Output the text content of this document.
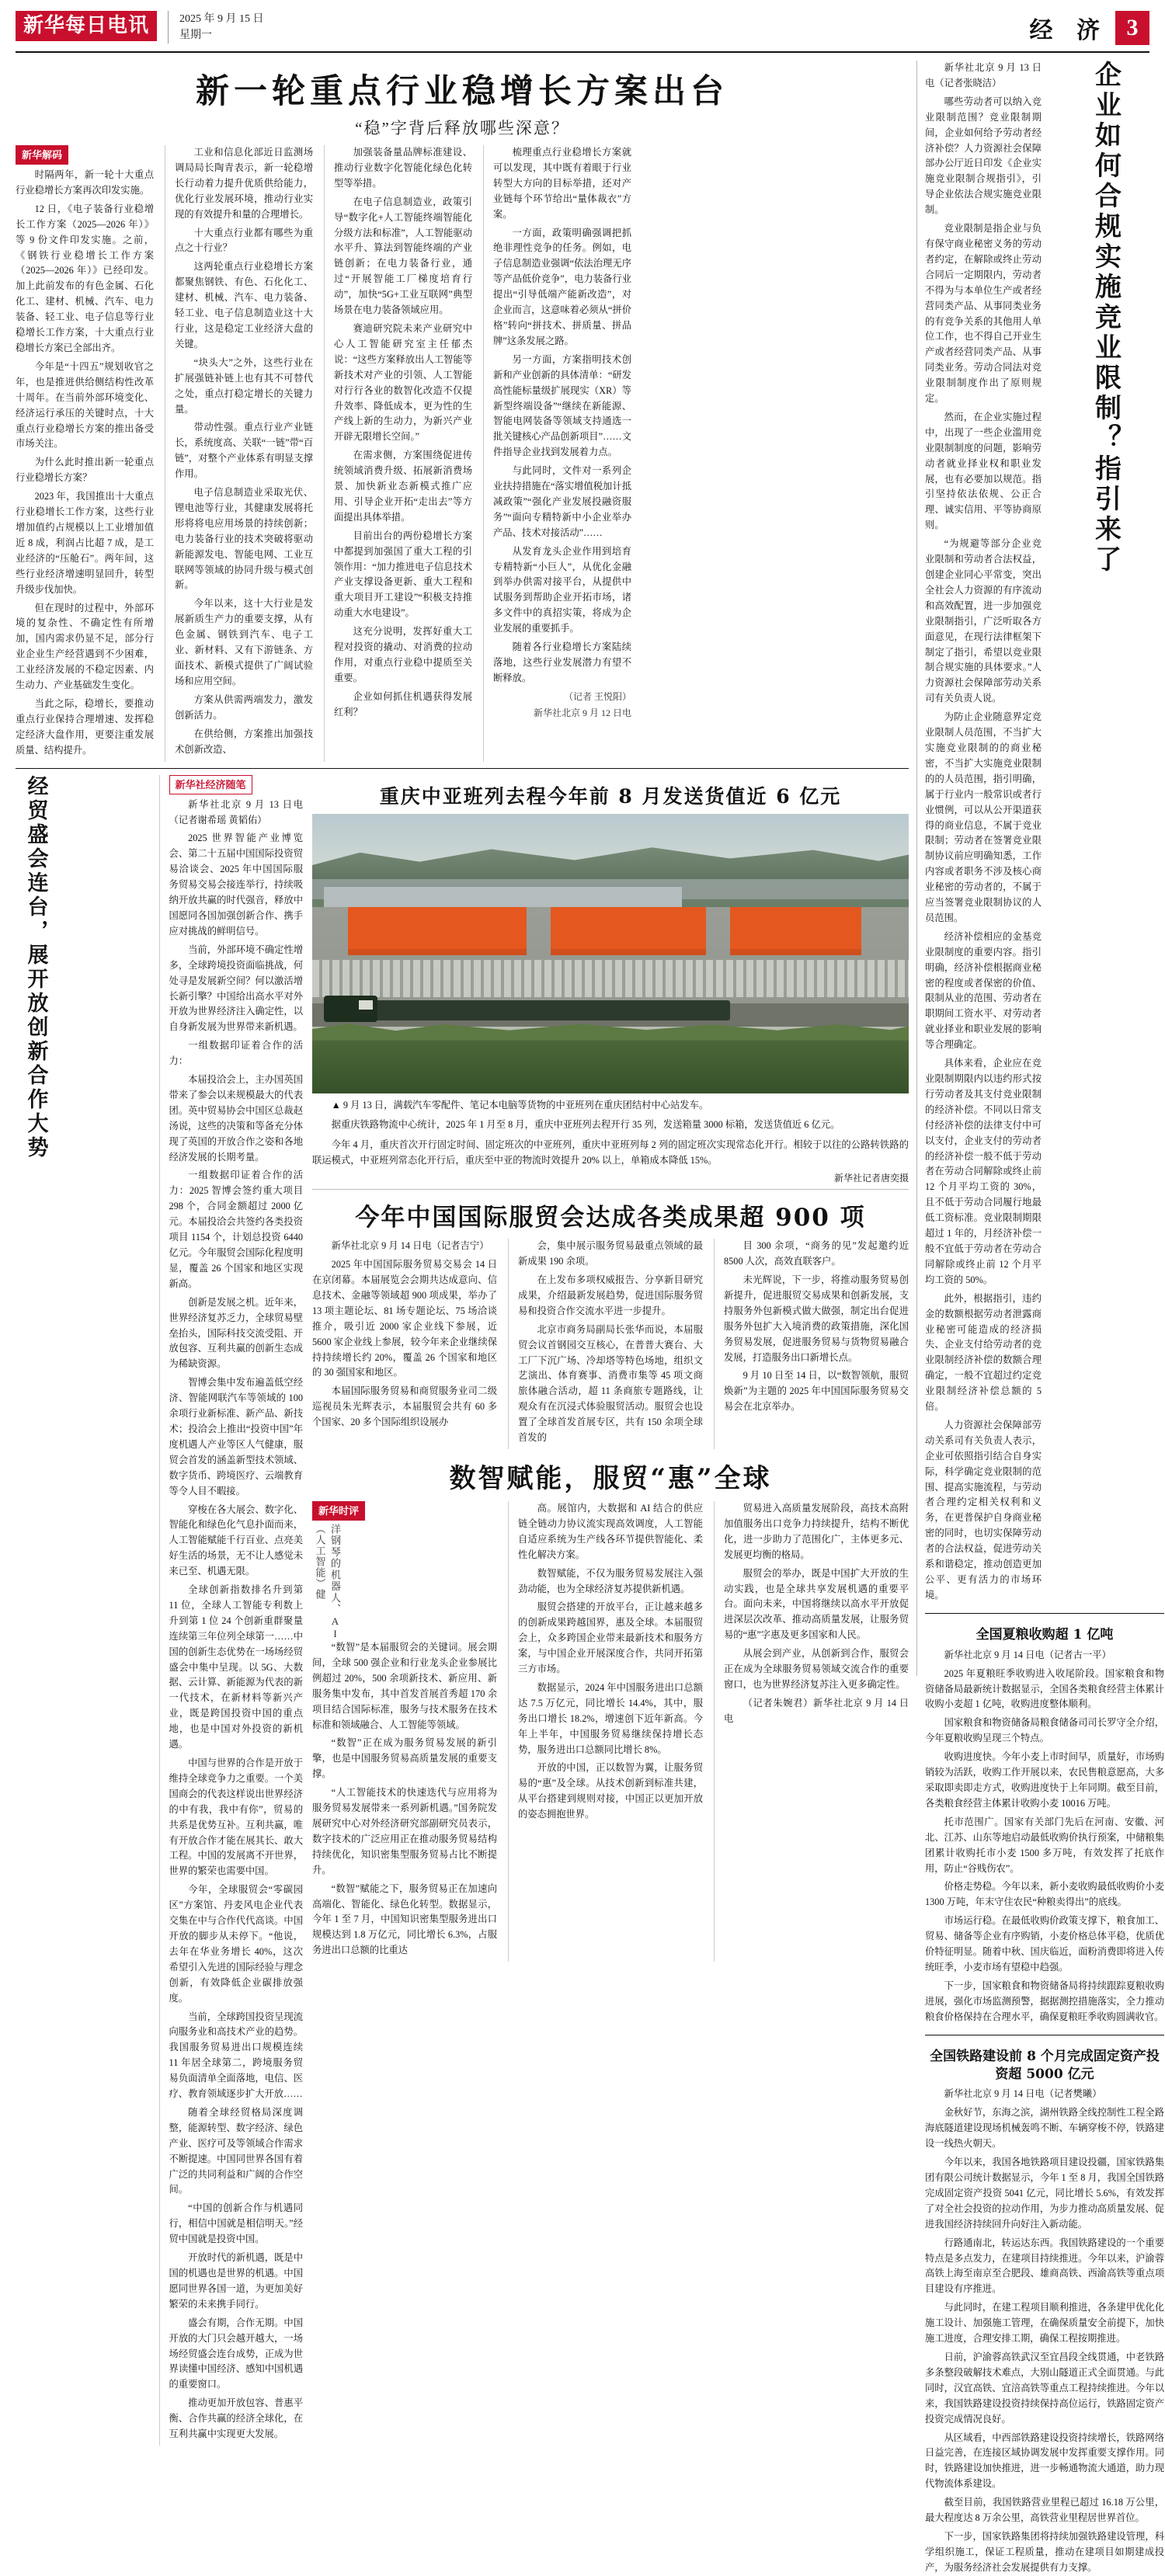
新华每日电讯	2025 年 9 月 15 日
星期一	经 济 3
新一轮重点行业稳增长方案出台
“稳”字背后释放哪些深意？
新华解码

时隔两年，新一轮十大重点行业稳增长方案再次印发实施。

12 日，《电子装备行业稳增长工作方案（2025—2026 年）》等 9 份文件印发实施。之前，《钢铁行业稳增长工作方案（2025—2026 年）》已经印发。加上此前发布的有色金属、石化化工、建材、机械、汽车、电力装备、轻工业、电子信息等行业稳增长工作方案，十大重点行业稳增长方案已全部出齐。

今年是“十四五”规划收官之年，也是推进供给侧结构性改革十周年。在当前外部环境变化、经济运行承压的关键时点，十大重点行业稳增长方案的推出备受市场关注。

为什么此时推出新一轮重点行业稳增长方案？

2023 年，我国推出十大重点行业稳增长工作方案，这些行业增加值约占规模以上工业增加值近 8 成，利润占比超 7 成，是工业经济的“压舱石”。两年间，这些行业经济增速明显回升，转型升级步伐加快。

但在现时的过程中，外部环境的复杂性、不确定性有所增加，国内需求仍显不足，部分行业企业生产经营遇到不少困难，工业经济发展的不稳定因素、内生动力、产业基础发生变化。

当此之际，稳增长，要推动重点行业保持合理增速、发挥稳定经济大盘作用，更要注重发展质量、结构提升。

工业和信息化部近日监测场调局局长陶青表示，新一轮稳增长行动着力提升优质供给能力，优化行业发展环境，推动行业实现的有效提升和量的合理增长。

十大重点行业都有哪些为重点之十行业？

这两轮重点行业稳增长方案都聚焦钢铁、有色、石化化工、建材、机械、汽车、电力装备、轻工业、电子信息制造业这十大行业，这是稳定工业经济大盘的关键。

“块头大”之外，这些行业在扩展强链补链上也有其不可替代之处，重点打稳定增长的关键力量。

带动性强。重点行业产业链长，系统度高、关联“一链”带“百链”，对整个产业体系有明显支撑作用。

电子信息制造业采取光伏、锂电池等行业，其健康发展将托形将将电应用场景的持续创新；电力装备行业的技术突破将驱动新能源发电、智能电网、工业互联网等领域的协同升级与模式创新。

今年以来，这十大行业是发展新质生产力的重要支撑，从有色金属、钢铁到汽车、电子工业、新材料、又有下游链条、方面技术、新模式提供了广阔试验场和应用空间。

方案从供需两端发力，激发创新活力。

在供给侧，方案推出加强技术创新改造、

加强装备量品牌标准建设、推动行业数字化智能化绿色化转型等举措。

在电子信息制造业，政策引导“数字化+人工智能终端智能化分级方法和标准”，人工智能驱动水平升、算法到智能终端的产业链创新；在电力装备行业，通过“开展智能工厂梯度培育行动”，加快“5G+工业互联网”典型场景在电力装备领域应用。

赛迪研究院未来产业研究中心人工智能研究室主任郁杰说：“这些方案释放出人工智能等新技术对产业的引领、人工智能对行行各业的数智化改造不仅提升效率、降低成本，更为性的生产线上新的生动力，为新兴产业开辟无限增长空间。”

在需求侧，方案围绕促进传统领域消费升级、拓展新消费场景、加快新业态新模式推广应用、引导企业开拓“走出去”等方面提出具体举措。

目前出台的两份稳增长方案中都提到加强国了重大工程的引领作用：“加力推进电子信息技术产业支撑设备更新、重大工程和重大项目开工建设”“积极支持推动重大水电建设”。

这充分说明，发挥好重大工程对投资的撬动、对消费的拉动作用，对重点行业稳中提质至关重要。

企业如何抓住机遇获得发展红利？

梳理重点行业稳增长方案就可以发现，其中既有着眼于行业转型大方向的目标举措，还对产业链每个环节给出“量体裁衣”方案。

一方面，政策明确强调把抓绝非理性竞争的任务。例如，电子信息制造业强调“依法治理无序等产品低价竞争”，电力装备行业提出“引导低端产能新改造”，对企业而言，这意味着必须从“拼价格”转向“拼技术、拼质量、拼品牌”这条发展之路。

另一方面，方案指明技术创新和产业创新的具体清单：“研发高性能标量级扩展现实（XR）等新型终端设备”“继续在新能源、智能电网装备等领域支持通选一批关键核心产品创新项目”……文件指导企业找到发展着力点。

与此同时，文件对一系列企业扶持措施在“落实增值税加计抵减政策”“强化产业发展投融资服务”“面向专精特新中小企业举办产品、技术对接活动”……

从发育龙头企业作用到培育专精特新“小巨人”，从优化金融到举办供需对接平台，从提供中试服务到帮助企业开拓市场，诸多文件中的真招实策，将成为企业发展的重要抓手。

随着各行业稳增长方案陆续落地，这些行业发展潜力有望不断释放。

（记者 王悦阳）
新华社北京 9 月 12 日电
经贸盛会连台，展开放创新合作大势	新华社经济随笔

新华社北京 9 月 13 日电（记者谢希瑶 黄韬佑）

2025 世界智能产业博览会、第二十五届中国国际投资贸易洽谈会、2025 年中国国际服务贸易交易会接连举行，持续吸纳开放共赢的时代强音，释放中国愿同各国加强创新合作、携手应对挑战的鲜明信号。

当前，外部环境不确定性增多，全球跨境投资面临挑战，何处寻是发展新空间？何以激活增长新引擎？中国给出高水平对外开放为世界经济注入确定性，以自身新发展为世界带来新机遇。

一组数据印证着合作的活力：

本届投洽会上，主办国英国带来了参会以来规模最大的代表团。英中贸易协会中国区总裁赵汤说，这些的决策和等备充分体现了英国的开放合作之姿和各地经济发展的长期考量。

一组数据印证着合作的活力：2025 智博会签约重大项目 298 个，合同金额超过 2000 亿元。本届投洽会共签约各类投资项目 1154 个，计划总投资 6440 亿元。今年服贸会国际化程度明显，覆盖 26 个国家和地区实现新高。

创新是发展之机。近年来，世界经济复苏乏力，全球贸易壁垒抬头，国际科技交流受阻、开放包容、互利共赢的创新生态成为稀缺资源。

智博会集中发布遍盖低空经济、智能网联汽车等领域的 100 余项行业新标准、新产品、新技术；投洽会上推出“投资中国”年度机遇人产业等区人气健康，服贸会首发的涵盖新型技术领域、数字货币、跨境医疗、云端教育等令人目不暇接。

穿梭在各大展会、数字化、智能化和绿色化气息扑面而来，人工智能赋能千行百业、点亮美好生活的场景，无不让人感觉未来已至、机遇无限。

全球创新指数排名升到第 11 位，全球人工智能专利数上升到第 1 位 24 个创新重群聚量连续第三年位列全球第一……中国的创新生态优势在一场场经贸盛会中集中呈现。以 5G、大数据、云计算、新能源为代表的新一代技术，在新材料等新兴产业，既是跨国投资中国的重点地，也是中国对外投资的新机遇。

中国与世界的合作是开放于维持全球竞争力之重要。一个美国商会的代表这样说出世界经济的中有我，我中有你”，贸易的共系是优势互补。互利共赢，唯有开放合作才能在展其长、敢大工程。中国的发展离不开世界，世界的繁荣也需要中国。

今年，全球服贸会“零碳园区”方案馆、丹麦风电企业代表交集在中与合作代代高谈。中国开放的脚步从未停下。“他说，去年在华业务增长 40%，这次希望引入先进的国际经验与理念创新，有效降低企业碳排放强度。

当前，全球跨国投资呈现流向服务业和高技术产业的趋势。我国服务贸易进出口规模连续 11 年居全球第二，跨境服务贸易负面清单全面落地，电信、医疗、教育领域逐步扩大开放……

随着全球经贸格局深度调整，能源转型、数字经济、绿色产业、医疗可及等领域合作需求不断提速。中国同世界各国有着广泛的共同利益和广阔的合作空间。

“中国的创新合作与机遇同行，相信中国就是相信明天。”经贸中国就是投资中国。

开放时代的新机遇，既是中国的机遇也是世界的机遇。中国愿同世界各国一道，为更加美好繁荣的未来携手同行。

盛会有期，合作无期。中国开放的大门只会越开越大，一场场经贸盛会连台成势，正成为世界读懂中国经济、感知中国机遇的重要窗口。

推动更加开放包容、普惠平衡、合作共赢的经济全球化，在互利共赢中实现更大发展。

重庆中亚班列去程今年前 8 月发送货值近 6 亿元
▲ 9 月 13 日，满载汽车零配件、笔记本电脑等货物的中亚班列在重庆团结村中心站发车。
据重庆铁路物流中心统计，2025 年 1 月至 8 月，重庆中亚班列去程开行 35 列，发送箱量 3000 标箱，发送货值近 6 亿元。
今年 4 月，重庆首次开行固定时间、固定班次的中亚班列，重庆中亚班列每 2 列的固定班次实现常态化开行。相较于以往的公路转铁路的联运模式，中亚班列常态化开行后，重庆至中亚的物流时效提升 20% 以上，单箱成本降低 15%。
新华社记者唐奕摄
今年中国国际服贸会达成各类成果超 900 项

新华社北京 9 月 14 日电（记者吉宁）

2025 年中国国际服务贸易交易会 14 日在京闭幕。本届展览会会期共达成意向、信息技术、金融等领域超 900 项成果，举办了 13 项主题论坛、81 场专题论坛、75 场洽谈推介，吸引近 2000 家企业线下参展，近 5600 家企业线上参展，较今年来企业继续保持持续增长约 20%，覆盖 26 个国家和地区的 30 强国家和地区。

本届国际服务贸易和商贸服务业司二级巡视员朱光辉表示，本届服贸会共有 60 多个国家、20 多个国际组织设展办

会，集中展示服务贸易最重点领域的最新成果 190 余项。

在上发布多项权威报告、分享新目研究成果，介绍最新发展趋势，促进国际服务贸易和投资合作交流水平进一步提升。

北京市商务局副局长张华而说，本届服贸会议首钢园交互核心，在普普大赛台、大工厂下沉广场、冷却塔等特色场地，组织文艺演出、体育赛事、消费市集等 45 项文商旅体融合活动，超 11 条商旅专题路线，让观众有在沉浸式体验服贸活动。服贸会也设置了全球首发首展专区，共有 150 余项全球首发的

目 300 余项，“商务的见”发起邀约近 8500 人次，高效直联客户。

未光辉说，下一步，将推动服务贸易创新提升，促进服贸交易成果和创新发展，支持服务外包新模式做大做强，制定出台促进服务外包扩大入境消费的政策措施，深化国务贸易发展，促进服务贸易与货物贸易融合发展，打造服务出口新增长点。

9 月 10 日至 14 日，以“数智领航，服贸焕新”为主题的 2025 年中国国际服务贸易交易会在北京举办。

数智赋能，服贸“惠”全球
新华时评
洋钢琴的机器人、AI（人工智能）健

“数智”是本届服贸会的关键词。展会期间，全球 500 强企业和行业龙头企业参展比例超过 20%，500 余项新技术、新应用、新服务集中发布，其中首发首展首秀超 170 余项目结合国际标准，服务与技术服务在技术标准和领域融合、人工智能等领域。

“数智”正在成为服务贸易发展的新引擎，也是中国服务贸易高质量发展的重要支撑。

“人工智能技术的快速迭代与应用将为服务贸易发展带来一系列新机遇。”国务院发展研究中心对外经济研究部副研究员表示，数字技术的广泛应用正在推动服务贸易结构持续优化，知识密集型服务贸易占比不断提升。

“数智”赋能之下，服务贸易正在加速向高端化、智能化、绿色化转型。数据显示，今年 1 至 7 月，中国知识密集型服务进出口规模达到 1.8 万亿元，同比增长 6.3%，占服务进出口总额的比重达

高。展馆内，大数据和 AI 结合的供应链全链动力协议流实现高效调度，人工智能自适应系统为生产线各环节提供智能化、柔性化解决方案。

数智赋能，不仅为服务贸易发展注入强劲动能，也为全球经济复苏提供新机遇。

服贸会搭建的开放平台，正让越来越多的创新成果跨越国界，惠及全球。本届服贸会上，众多跨国企业带来最新技术和服务方案，与中国企业开展深度合作，共同开拓第三方市场。

数据显示，2024 年中国服务进出口总额达 7.5 万亿元，同比增长 14.4%，其中，服务出口增长 18.2%，增速创下近年新高。今年上半年，中国服务贸易继续保持增长态势，服务进出口总额同比增长 8%。

开放的中国，正以数智为翼，让服务贸易的“惠”及全球。从技术创新到标准共建，从平台搭建到规则对接，中国正以更加开放的姿态拥抱世界。

贸易进入高质量发展阶段，高技术高附加值服务出口竞争力持续提升，结构不断优化，进一步助力了范围化广，主体更多元、发展更均衡的格局。

服贸会的举办，既是中国扩大开放的生动实践，也是全球共享发展机遇的重要平台。面向未来，中国将继续以高水平开放促进深层次改革、推动高质量发展，让服务贸易的“惠”字惠及更多国家和人民。

从展会到产业，从创新到合作，服贸会正在成为全球服务贸易领域交流合作的重要窗口，也为世界经济复苏注入更多确定性。

（记者朱婉君）新华社北京 9 月 14 日电

新华社北京 9 月 13 日电（记者张晓洁）

哪些劳动者可以纳入竞业限制范围？竞业限制期间，企业如何给予劳动者经济补偿？人力资源社会保障部办公厅近日印发《企业实施竞业限制合规指引》，引导企业依法合规实施竞业限制。

竞业限制是指企业与负有保守商业秘密义务的劳动者约定，在解除或终止劳动合同后一定期限内，劳动者不得为与本单位生产或者经营同类产品、从事同类业务的有竞争关系的其他用人单位工作，也不得自己开业生产或者经营同类产品、从事同类业务。劳动合同法对竞业限制制度作出了原则规定。

然而，在企业实施过程中，出现了一些企业滥用竞业限制制度的问题，影响劳动者就业择业权和职业发展，也有必要加以规范。指引坚持依法依规、公正合理、诚实信用、平等协商原则。

“为规避等部分企业竞业限制和劳动者合法权益，创建企业同心平常变，突出全社会人力资源的有序流动和高效配置，进一步加强竞业限制指引，广泛听取各方面意见，在现行法律框架下制定了指引，希望以竞业限制合规实施的具体要求。”人力资源社会保障部劳动关系司有关负责人说。

为防止企业随意界定竞业限制人员范围，不当扩大实施竞业限制的的商业秘密，不当扩大实施竞业限制的的人员范围，指引明确，属于行业内一般常识或者行业惯例，可以从公开渠道获得的商业信息，不属于竞业限制；劳动者在签署竞业限制协议前应明确知悉，工作内容或者职务不涉及核心商业秘密的劳动者的，不属于应当签署竞业限制协议的人员范围。

经济补偿相应的金基竞业限制度的重要内容。指引明确，经济补偿根据商业秘密的程度或者保密的价值、限制从业的范围、劳动者在职期间工资水平、对劳动者就业择业和职业发展的影响等合理确定。

具体来看，企业应在竞业限制期限内以违约形式按行劳动者及其支付竞业限制的经济补偿。不同以日常支付经济补偿的法律支付中可以支付，企业支付的劳动者的经济补偿一般不低于劳动者在劳动合同解除或终止前 12 个月平均工资的 30%，且不低于劳动合同履行地最低工资标准。竞业限制期限超过 1 年的，月经济补偿一般不宜低于劳动者在劳动合同解除或终止前 12 个月平均工资的 50%。

此外，根据指引，违约金的数额根据劳动者泄露商业秘密可能造成的经济损失、企业支付给劳动者的竞业限制经济补偿的数额合理确定，一般不宜超过约定竞业限制经济补偿总额的 5 倍。

人力资源社会保障部劳动关系司有关负责人表示，企业可依照指引结合自身实际，科学确定竞业限制的范围、提高实施流程，与劳动者合理约定相关权利和义务，在更普保护自身商业秘密的同时，也切实保障劳动者的合法权益，促进劳动关系和谐稳定，推动创造更加公平、更有活力的市场环境。

企业如何合规实施竞业限制？指引来了
全国夏粮收购超 1 亿吨

新华社北京 9 月 14 日电（记者古一平）

2025 年夏粮旺季收购进入收尾阶段。国家粮食和物资储备局最新统计数据显示，全国各类粮食经营主体累计收购小麦超 1 亿吨，收购进度整体顺利。

国家粮食和物资储备局粮食储备司司长罗守全介绍，今年夏粮收购呈现三个特点。

收购进度快。今年小麦上市时间早，质量好，市场购销较为活跃，收购工作开展以来，农民售粮意愿高，大多采取即卖即走方式，收购进度快于上年同期。截至目前，各类粮食经营主体累计收购小麦 10016 万吨。

托市范围广。国家有关部门先后在河南、安徽、河北、江苏、山东等地启动最低收购价执行预案，中储粮集团累计收购托市小麦 1500 多万吨，有效发挥了托底作用，防止“谷贱伤农”。

价格走势稳。今年以来，新小麦收购最低收购价小麦 1300 万吨，年末守住农民“种粮卖得出”的底线。

市场运行稳。在最低收购价政策支撑下，粮食加工、贸易、储备等企业有序购销，小麦价格总体平稳，优质优价特征明显。随着中秋、国庆临近，面粉消费即将进入传统旺季，小麦市场有望稳中趋强。

下一步，国家粮食和物资储备局将持续跟踪夏粮收购进展，强化市场监测预警，据据测控措施落实，全力推动粮食价格保持在合理水平，确保夏粮旺季收购圆满收官。

全国铁路建设前 8 个月完成固定资产投资超 5000 亿元

新华社北京 9 月 14 日电（记者樊曦）

金秋好节，东海之滨，湖州铁路全线控制性工程全路海底隧道建设现场机械轰鸣不断、车辆穿梭不停，铁路建设一线热火朝天。

今年以来，我国各地铁路项目建设投疆，国家铁路集团有限公司统计数据显示，今年 1 至 8 月，我国全国铁路完成固定资产投资 5041 亿元，同比增长 5.6%，有效发挥了对全社会投资的拉动作用，为步力推动高质量发展、促进我国经济持续回升向好注入新动能。

行路通南北，转运达东西。我国铁路建设的一个重要特点是多点发力，在建项目持续推进。今年以来，沪渝蓉高铁上海至南京至合肥段、雄商高铁、西渝高铁等重点项目建设有序推进。

与此同时，在建工程项目顺利推进，各条建甲优化化施工设计、加强施工管理，在确保质量安全前提下，加快施工进度，合理安排工期，确保工程按期推进。

日前，沪渝蓉高铁武汉至宜昌段全线贯通，中老铁路多条整段破解技术难点，大别山隧道正式全面贯通。与此同时，汉宜高铁、宜涪高铁等重点工程持续推进。今年以来，我国铁路建设投资持续保持高位运行，铁路固定资产投资完成情况良好。

从区域看，中西部铁路建设投资持续增长，铁路网络日益完善，在连接区域协调发展中发挥重要支撑作用。同时，铁路建设加快推进，进一步畅通物流大通道，助力现代物流体系建设。

截至目前，我国铁路营业里程已超过 16.18 万公里，最大程度达 8 万余公里，高铁营业里程居世界首位。

下一步，国家铁路集团将持续加强铁路建设管理，科学组织施工，保证工程质量，推动在建项目如期建成投产，为服务经济社会发展提供有力支撑。
